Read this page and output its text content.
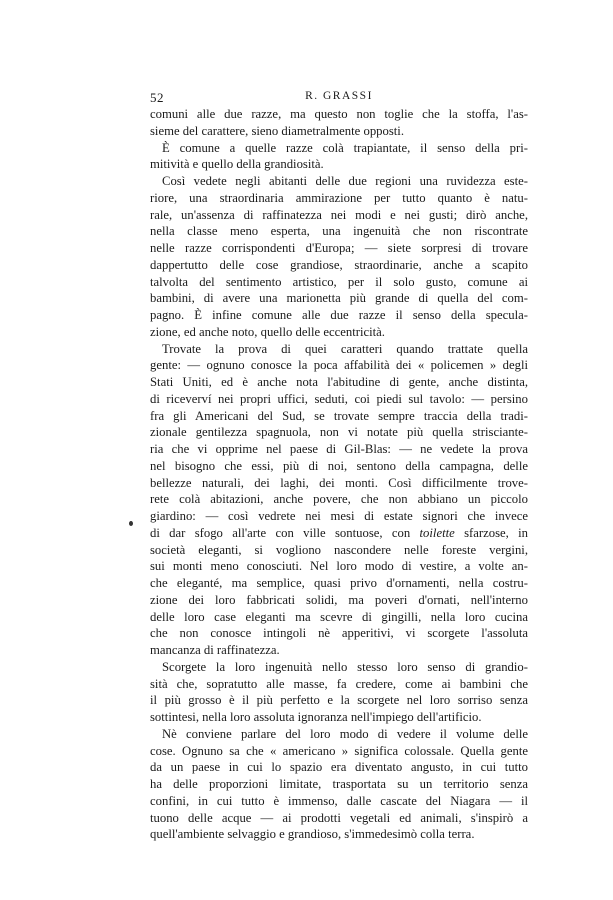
52	R. GRASSI
comuni alle due razze, ma questo non toglie che la stoffa, l'as-
sieme del carattere, sieno diametralmente opposti.
È comune a quelle razze colà trapiantate, il senso della pri-
mitività e quello della grandiosità.
Così vedete negli abitanti delle due regioni una ruvidezza este-
riore, una straordinaria ammirazione per tutto quanto è natu-
rale, un'assenza di raffinatezza nei modi e nei gusti; dirò anche,
nella classe meno esperta, una ingenuità che non riscontrate
nelle razze corrispondenti d'Europa; — siete sorpresi di trovare
dappertutto delle cose grandiose, straordinarie, anche a scapito
talvolta del sentimento artistico, per il solo gusto, comune ai
bambini, di avere una marionetta più grande di quella del com-
pagno. È infine comune alle due razze il senso della specula-
zione, ed anche noto, quello delle eccentricità.
Trovate la prova di quei caratteri quando trattate quella
gente: — ognuno conosce la poca affabilità dei « policemen » degli
Stati Uniti, ed è anche nota l'abitudine di gente, anche distinta,
di riceverví nei propri uffici, seduti, coi piedi sul tavolo: — persino
fra gli Americani del Sud, se trovate sempre traccia della tradi-
zionale gentilezza spagnuola, non vi notate più quella strisciante-
ria che vi opprime nel paese di Gil-Blas: — ne vedete la prova
nel bisogno che essi, più di noi, sentono della campagna, delle
bellezze naturali, dei laghi, dei monti. Così difficilmente trove-
rete colà abitazioni, anche povere, che non abbiano un piccolo
giardino: — così vedrete nei mesi di estate signori che invece
di dar sfogo all'arte con ville sontuose, con toilette sfarzose, in
società eleganti, si vogliono nascondere nelle foreste vergini,
sui monti meno conosciuti. Nel loro modo di vestire, a volte an-
che eleganté, ma semplice, quasi privo d'ornamenti, nella costru-
zione dei loro fabbricati solidi, ma poveri d'ornati, nell'interno
delle loro case eleganti ma scevre di gingilli, nella loro cucina
che non conosce intingoli nè apperitivi, vi scorgete l'assoluta
mancanza di raffinatezza.
Scorgete la loro ingenuità nello stesso loro senso di grandio-
sità che, sopratutto alle masse, fa credere, come ai bambini che
il più grosso è il più perfetto e la scorgete nel loro sorriso senza
sottintesi, nella loro assoluta ignoranza nell'impiego dell'artificio.
Nè conviene parlare del loro modo di vedere il volume delle
cose. Ognuno sa che « americano » significa colossale. Quella gente
da un paese in cui lo spazio era diventato angusto, in cui tutto
ha delle proporzioni limitate, trasportata su un territorio senza
confini, in cui tutto è immenso, dalle cascate del Niagara — il
tuono delle acque — ai prodotti vegetali ed animali, s'inspirò a
quell'ambiente selvaggio e grandioso, s'immedesimò colla terra.
